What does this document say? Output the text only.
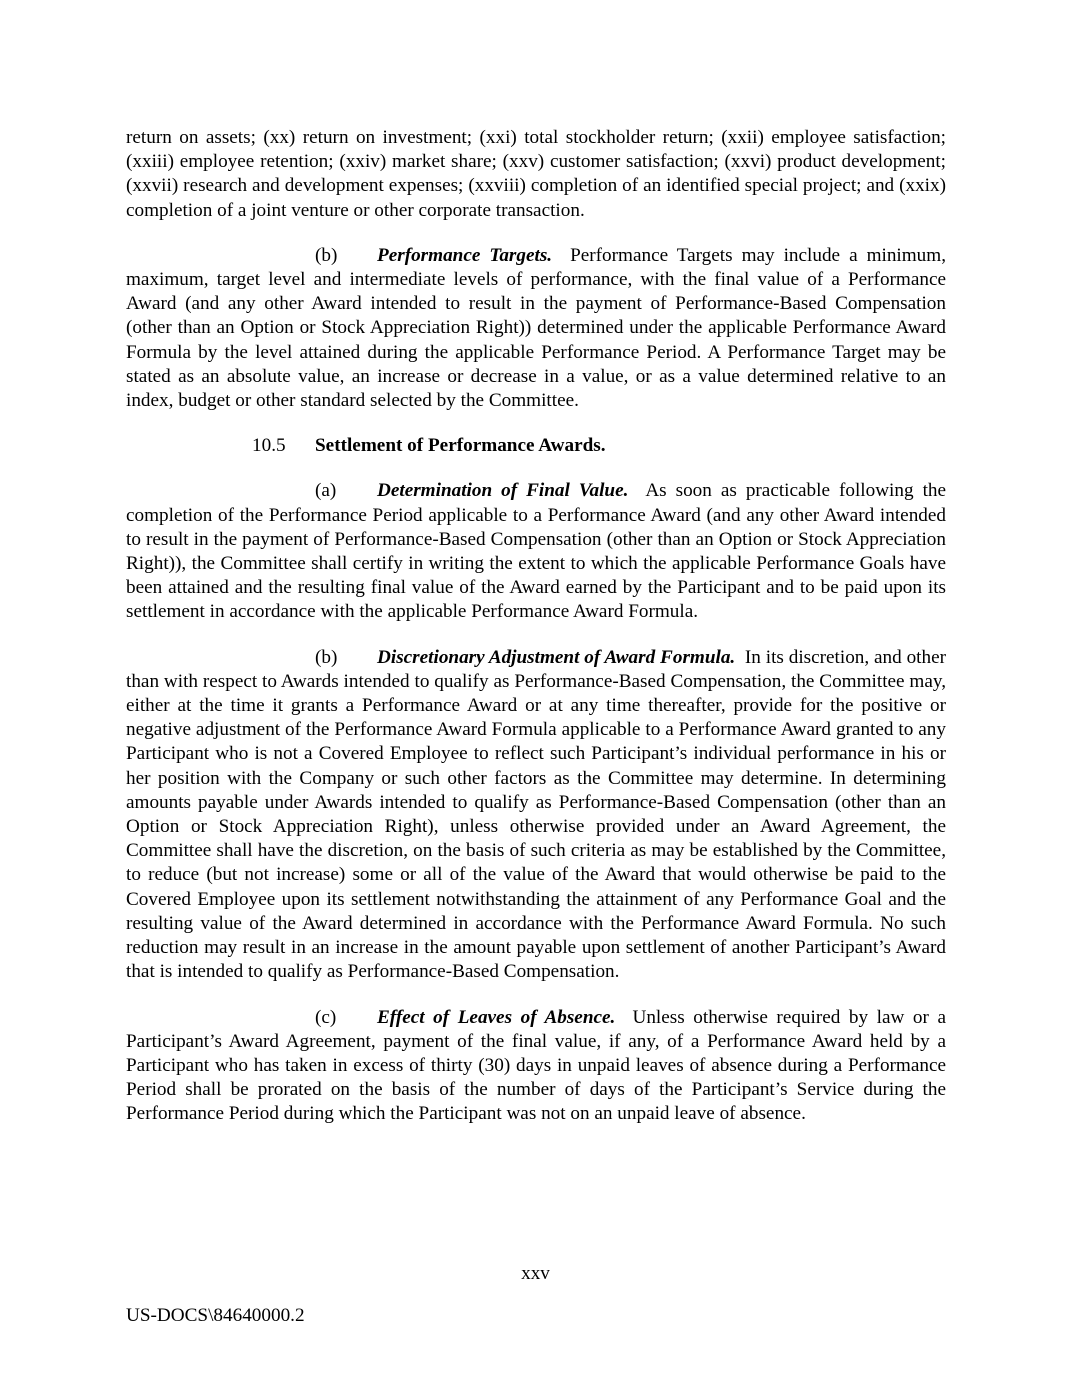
return on assets; (xx) return on investment; (xxi) total stockholder return; (xxii) employee satisfaction; (xxiii) employee retention; (xxiv) market share; (xxv) customer satisfaction; (xxvi) product development; (xxvii) research and development expenses; (xxviii) completion of an identified special project; and (xxix) completion of a joint venture or other corporate transaction.

(b) Performance Targets. Performance Targets may include a minimum, maximum, target level and intermediate levels of performance, with the final value of a Performance Award (and any other Award intended to result in the payment of Performance-Based Compensation (other than an Option or Stock Appreciation Right)) determined under the applicable Performance Award Formula by the level attained during the applicable Performance Period. A Performance Target may be stated as an absolute value, an increase or decrease in a value, or as a value determined relative to an index, budget or other standard selected by the Committee.

10.5 Settlement of Performance Awards.

(a) Determination of Final Value. As soon as practicable following the completion of the Performance Period applicable to a Performance Award (and any other Award intended to result in the payment of Performance-Based Compensation (other than an Option or Stock Appreciation Right)), the Committee shall certify in writing the extent to which the applicable Performance Goals have been attained and the resulting final value of the Award earned by the Participant and to be paid upon its settlement in accordance with the applicable Performance Award Formula.

(b) Discretionary Adjustment of Award Formula. In its discretion, and other than with respect to Awards intended to qualify as Performance-Based Compensation, the Committee may, either at the time it grants a Performance Award or at any time thereafter, provide for the positive or negative adjustment of the Performance Award Formula applicable to a Performance Award granted to any Participant who is not a Covered Employee to reflect such Participant’s individual performance in his or her position with the Company or such other factors as the Committee may determine. In determining amounts payable under Awards intended to qualify as Performance-Based Compensation (other than an Option or Stock Appreciation Right), unless otherwise provided under an Award Agreement, the Committee shall have the discretion, on the basis of such criteria as may be established by the Committee, to reduce (but not increase) some or all of the value of the Award that would otherwise be paid to the Covered Employee upon its settlement notwithstanding the attainment of any Performance Goal and the resulting value of the Award determined in accordance with the Performance Award Formula. No such reduction may result in an increase in the amount payable upon settlement of another Participant’s Award that is intended to qualify as Performance-Based Compensation.

(c) Effect of Leaves of Absence. Unless otherwise required by law or a Participant’s Award Agreement, payment of the final value, if any, of a Performance Award held by a Participant who has taken in excess of thirty (30) days in unpaid leaves of absence during a Performance Period shall be prorated on the basis of the number of days of the Participant’s Service during the Performance Period during which the Participant was not on an unpaid leave of absence.

xxv
US-DOCS\84640000.2
